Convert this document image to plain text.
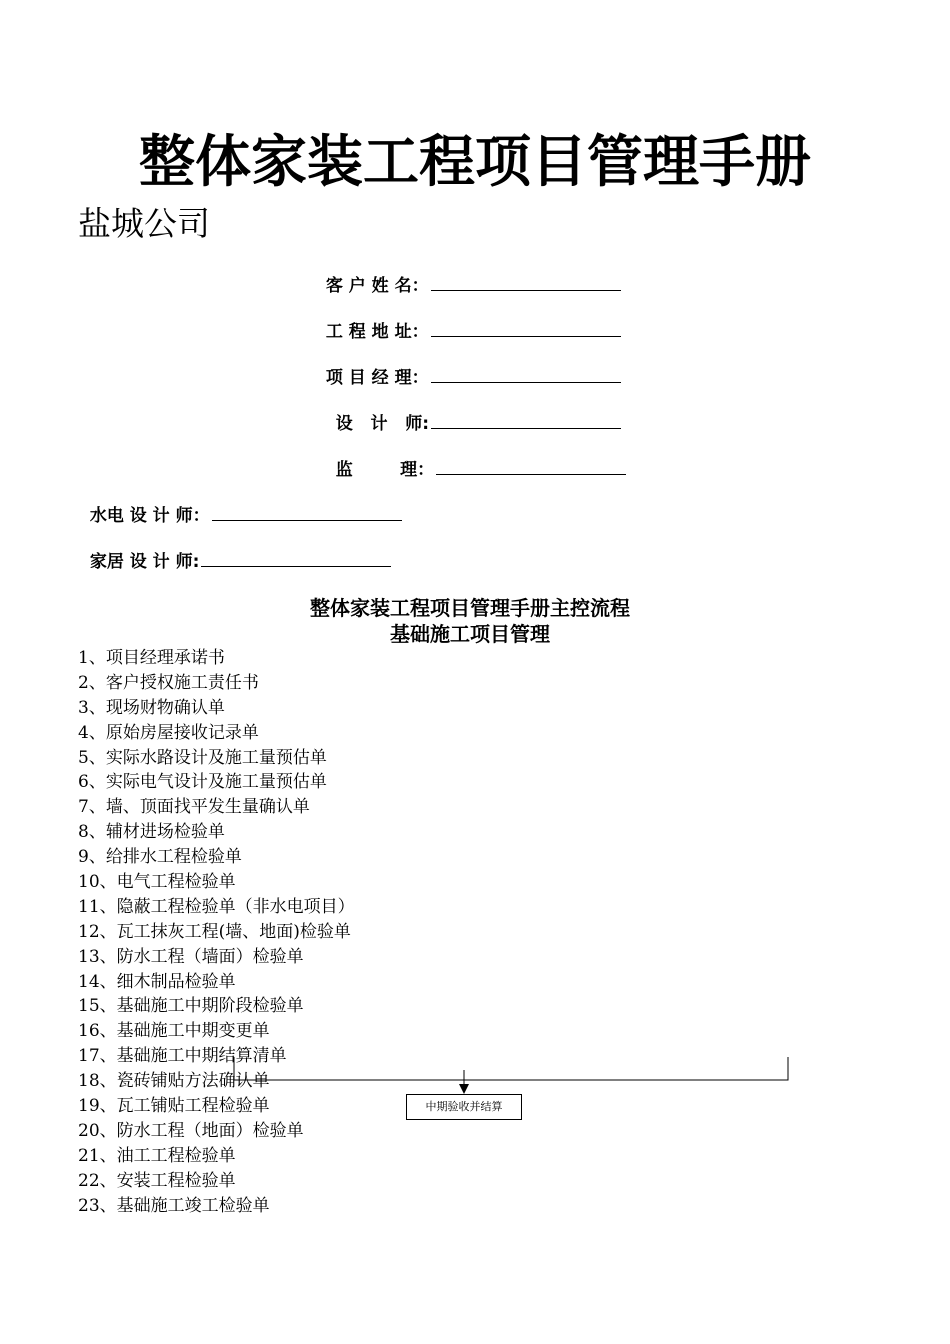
整体家装工程项目管理手册
盐城公司

客 户 姓 名：

工 程 地 址：

项 目 经 理：

设   计   师:

监        理：

水电 设 计 师：

家居 设 计 师:

整体家装工程项目管理手册主控流程
基础施工项目管理
1、项目经理承诺书
2、客户授权施工责任书
3、现场财物确认单
4、原始房屋接收记录单
5、实际水路设计及施工量预估单
6、实际电气设计及施工量预估单
7、墙、顶面找平发生量确认单
8、辅材进场检验单
9、给排水工程检验单
10、电气工程检验单
11、隐蔽工程检验单（非水电项目）
12、瓦工抹灰工程(墙、地面)检验单
13、防水工程（墙面）检验单
14、细木制品检验单
15、基础施工中期阶段检验单
16、基础施工中期变更单
17、基础施工中期结算清单
18、瓷砖铺贴方法确认单
19、瓦工铺贴工程检验单
20、防水工程（地面）检验单
21、油工工程检验单
22、安装工程检验单
23、基础施工竣工检验单
中期验收并结算
